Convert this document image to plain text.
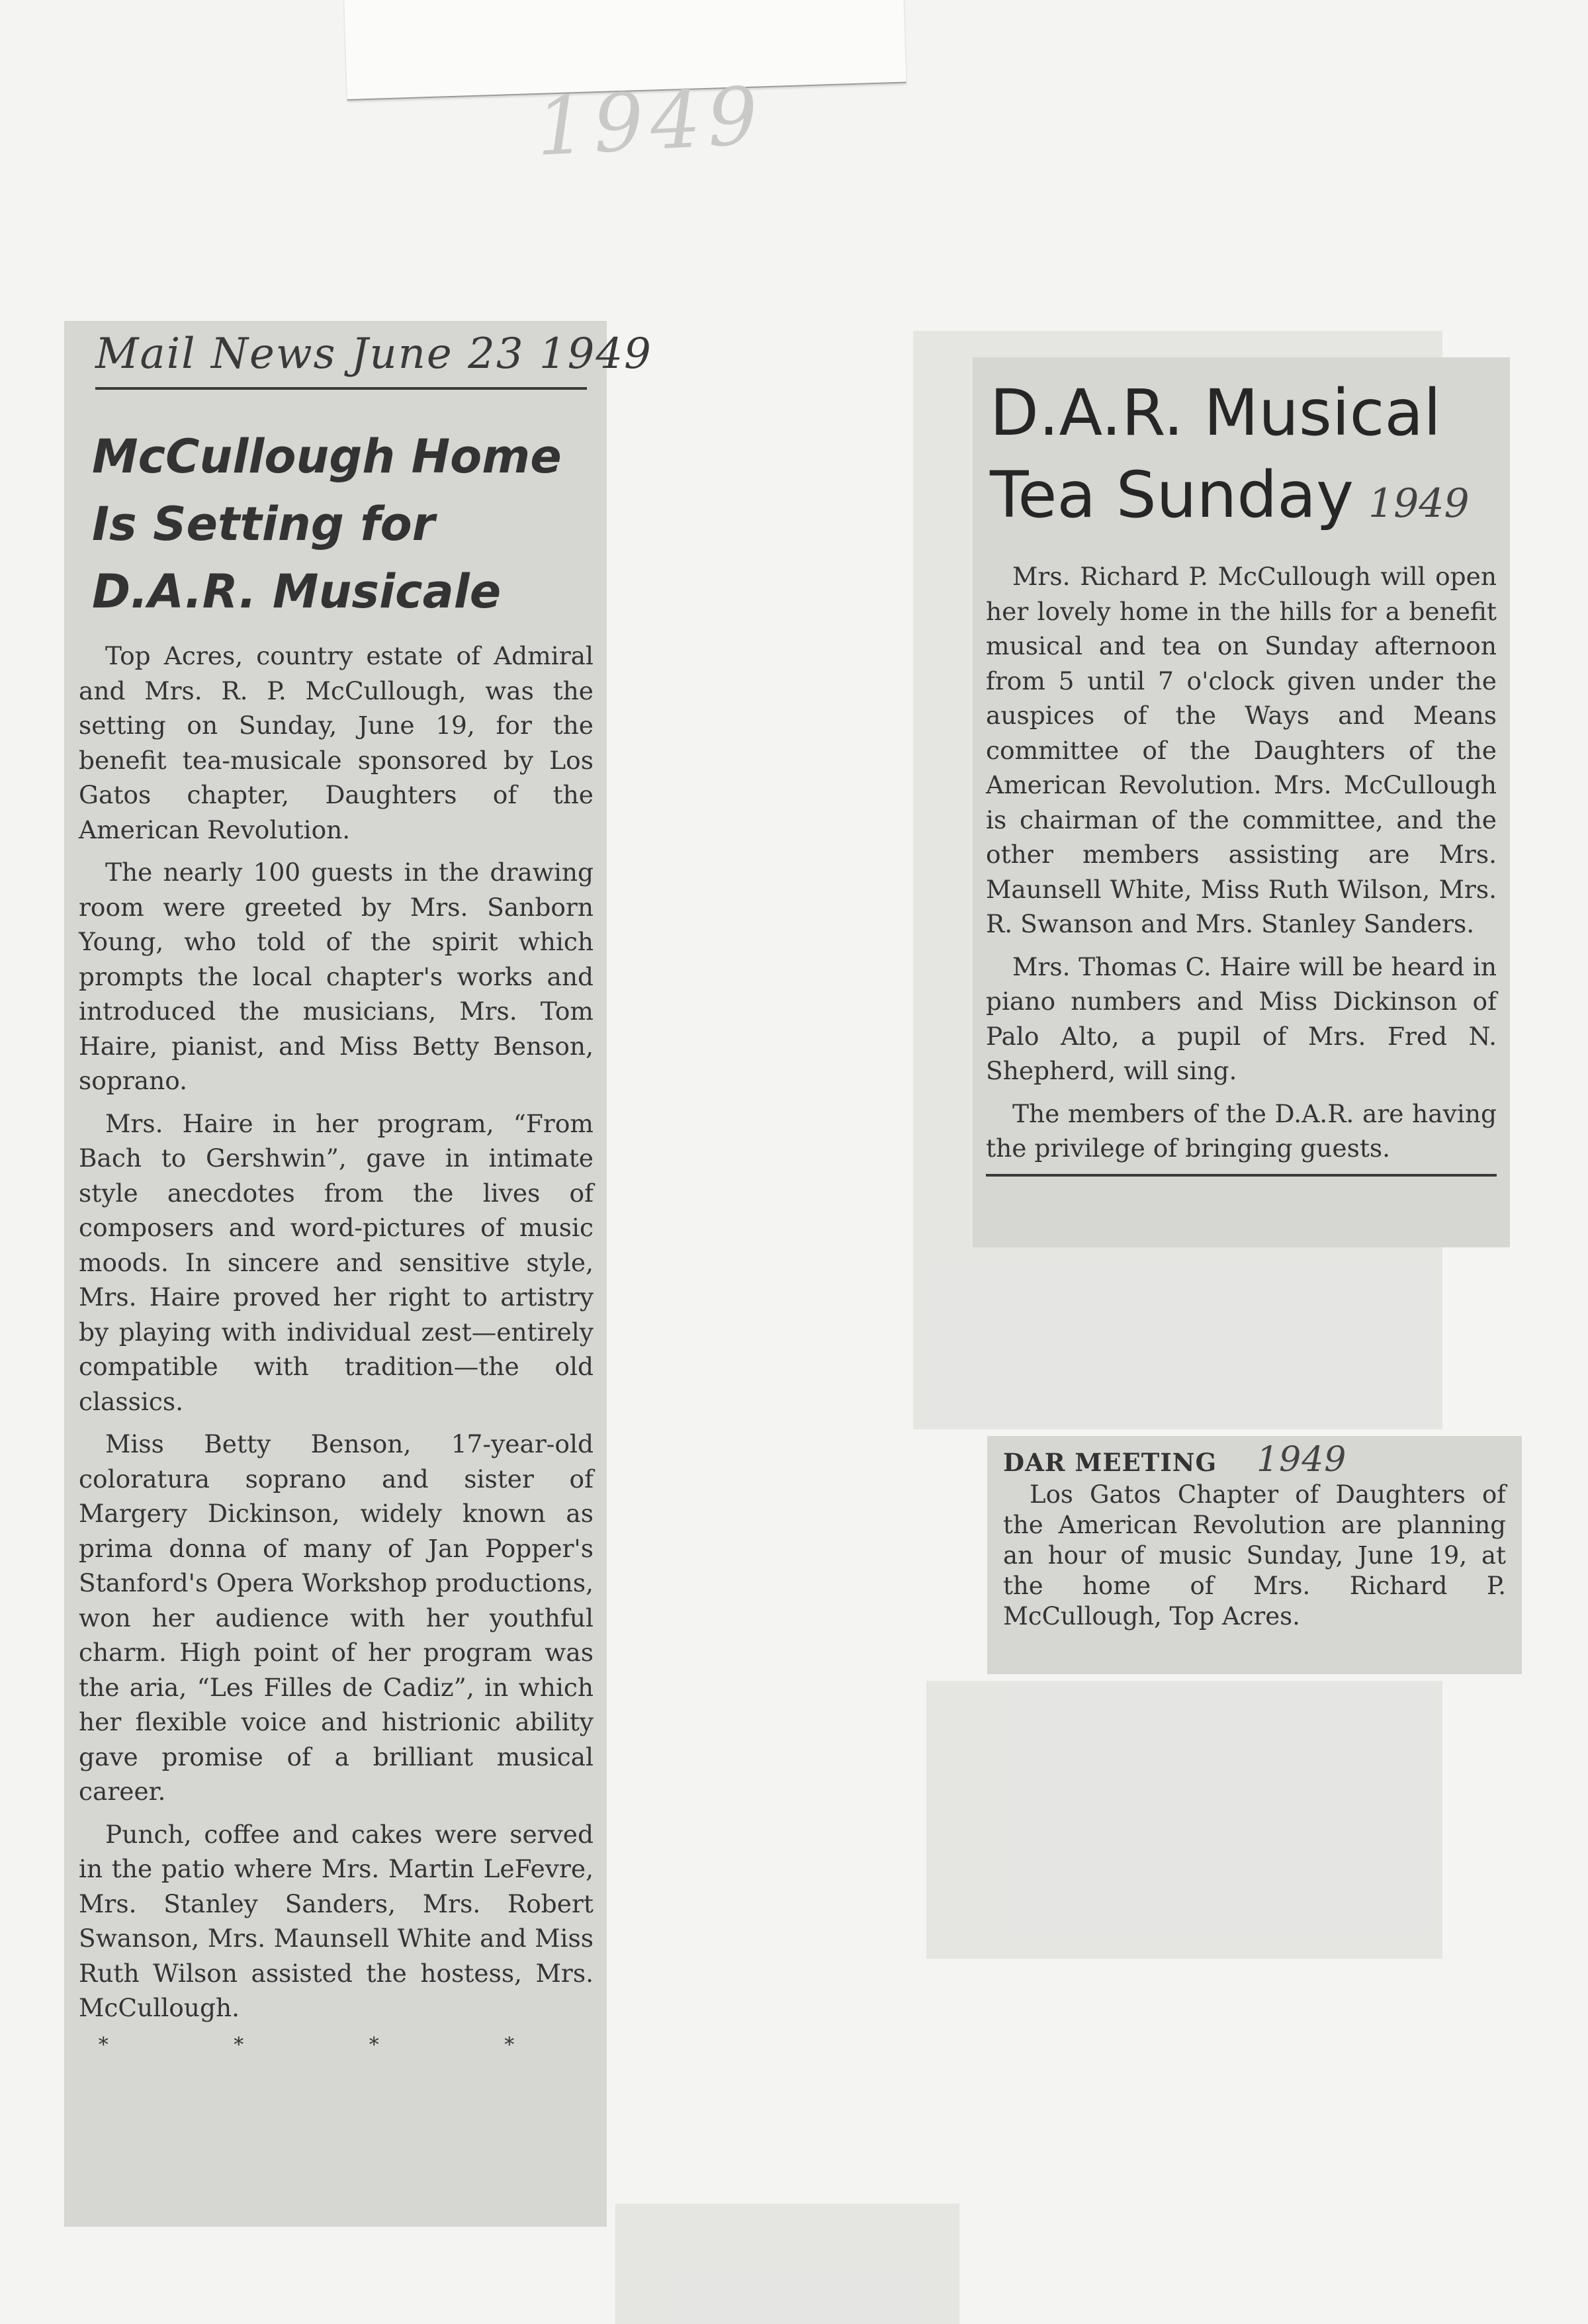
1949
Mail News June 23 1949
McCullough Home Is Setting for D.A.R. Musicale

Top Acres, country estate of Admiral and Mrs. R. P. McCullough, was the setting on Sunday, June 19, for the benefit tea-musicale sponsored by Los Gatos chapter, Daughters of the American Revolution.

The nearly 100 guests in the drawing room were greeted by Mrs. Sanborn Young, who told of the spirit which prompts the local chapter's works and introduced the musicians, Mrs. Tom Haire, pianist, and Miss Betty Benson, soprano.

Mrs. Haire in her program, “From Bach to Gershwin”, gave in intimate style anecdotes from the lives of composers and word-pictures of music moods. In sincere and sensitive style, Mrs. Haire proved her right to artistry by playing with individual zest—entirely compatible with tradition—the old classics.

Miss Betty Benson, 17-year-old coloratura soprano and sister of Margery Dickinson, widely known as prima donna of many of Jan Popper's Stanford's Opera Workshop productions, won her audience with her youthful charm. High point of her program was the aria, “Les Filles de Cadiz”, in which her flexible voice and histrionic ability gave promise of a brilliant musical career.

Punch, coffee and cakes were served in the patio where Mrs. Martin LeFevre, Mrs. Stanley Sanders, Mrs. Robert Swanson, Mrs. Maunsell White and Miss Ruth Wilson assisted the hostess, Mrs. McCullough.

* * * *
D.A.R. Musical
Tea Sunday 1949

Mrs. Richard P. McCullough will open her lovely home in the hills for a benefit musical and tea on Sunday afternoon from 5 until 7 o'clock given under the auspices of the Ways and Means committee of the Daughters of the American Revolution. Mrs. McCullough is chairman of the committee, and the other members assisting are Mrs. Maunsell White, Miss Ruth Wilson, Mrs. R. Swanson and Mrs. Stanley Sanders.

Mrs. Thomas C. Haire will be heard in piano numbers and Miss Dickinson of Palo Alto, a pupil of Mrs. Fred N. Shepherd, will sing.

The members of the D.A.R. are having the privilege of bringing guests.

DAR MEETING 1949

Los Gatos Chapter of Daughters of the American Revolution are planning an hour of music Sunday, June 19, at the home of Mrs. Richard P. McCullough, Top Acres.
